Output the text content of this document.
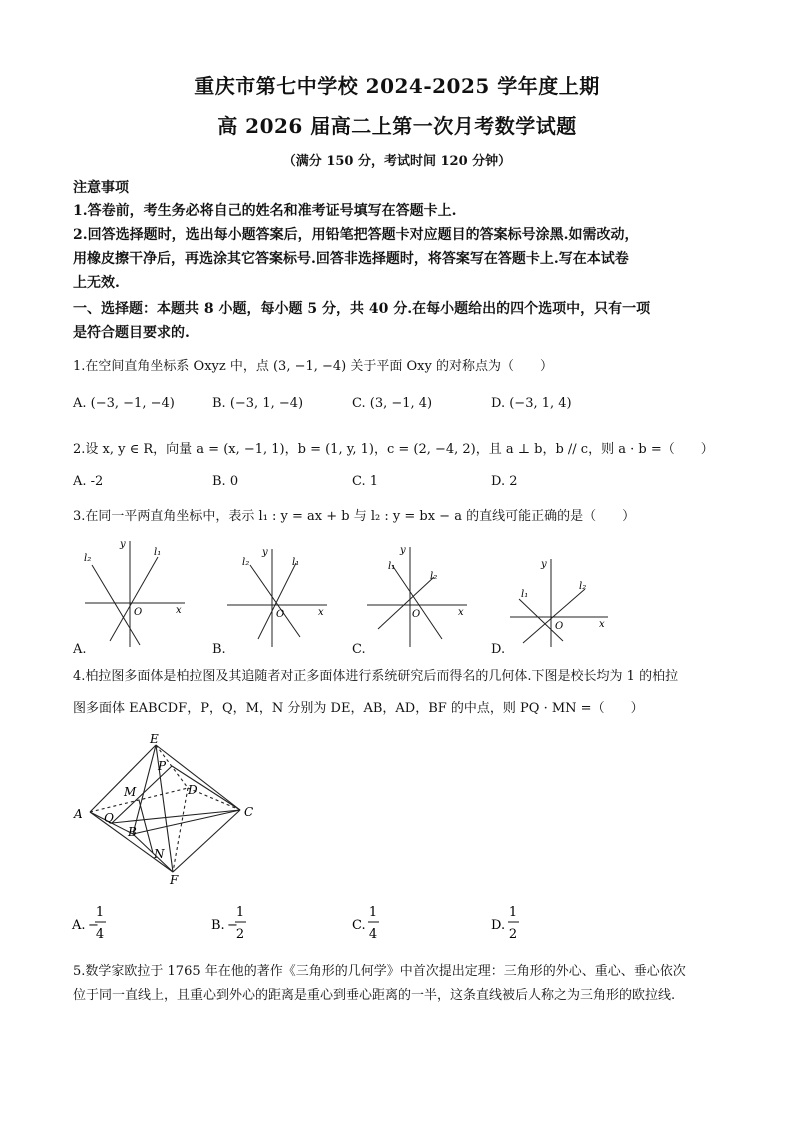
重庆市第七中学校 2024-2025 学年度上期
高 2026 届高二上第一次月考数学试题
（满分 150 分，考试时间 120 分钟）
注意事项
1.答卷前，考生务必将自己的姓名和准考证号填写在答题卡上.
2.回答选择题时，选出每小题答案后，用铅笔把答题卡对应题目的答案标号涂黑.如需改动，
用橡皮擦干净后，再选涂其它答案标号.回答非选择题时，将答案写在答题卡上.写在本试卷
上无效.
一、选择题：本题共 8 小题，每小题 5 分，共 40 分.在每小题给出的四个选项中，只有一项
是符合题目要求的.
1.在空间直角坐标系 Oxyz 中，点 (3, −1, −4) 关于平面 Oxy 的对称点为（　　）
A. (−3, −1, −4)	B. (−3, 1, −4)	C. (3, −1, 4)	D. (−3, 1, 4)
2.设 x, y ∈ R，向量 a = (x, −1, 1)，b = (1, y, 1)，c = (2, −4, 2)，且 a ⊥ b，b // c，则 a · b =（　　）
A. -2	B. 0	C. 1	D. 2
3.在同一平两直角坐标中，表示 l₁ : y = ax + b 与 l₂ : y = bx − a 的直线可能正确的是（　　）
y
x
O
l₂
l₁	y
x
O
l₂	l₁
y
x
O
l₁
l₂
y
x
O
l₁
l₂
A.	B.	C.	D.
4.柏拉图多面体是柏拉图及其追随者对正多面体进行系统研究后而得名的几何体.下图是校长均为 1 的柏拉
图多面体 EABCDF，P，Q，M，N 分别为 DE，AB，AD，BF 的中点，则 PQ · MN =（　　）
E
P
M	D
A Q
B
C
N
F
A. −
1
4
B. −
1
2
C.
1
4
D.
1
2
5.数学家欧拉于 1765 年在他的著作《三角形的几何学》中首次提出定理：三角形的外心、重心、垂心依次
位于同一直线上，且重心到外心的距离是重心到垂心距离的一半，这条直线被后人称之为三角形的欧拉线.
